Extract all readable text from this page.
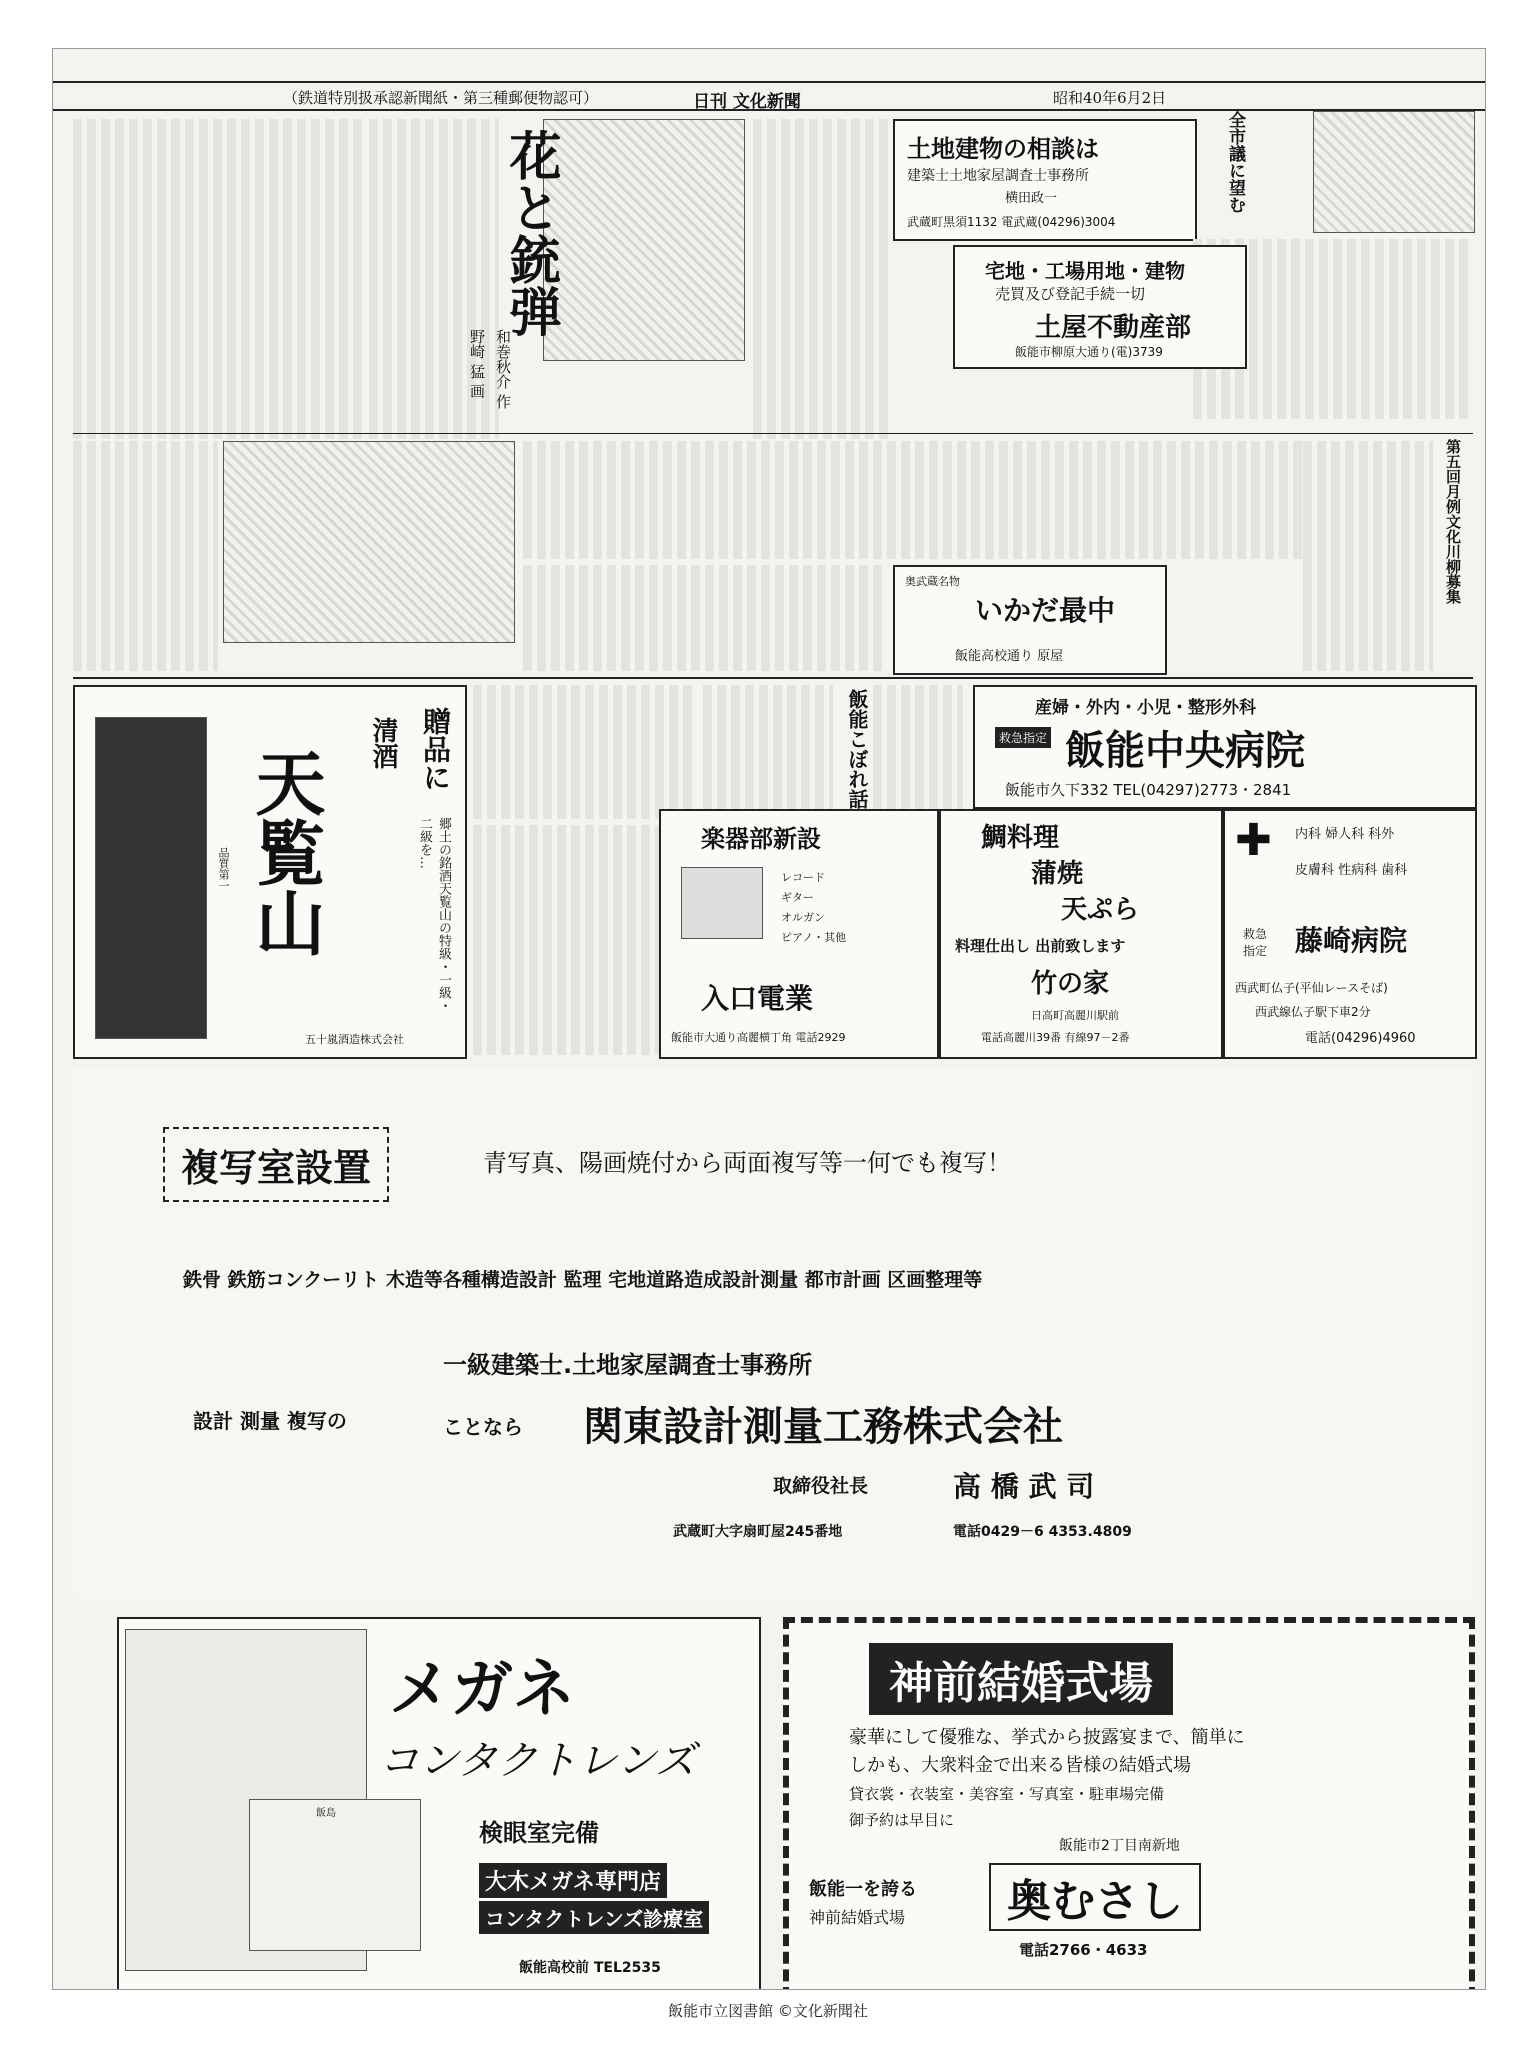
（鉄道特別扱承認新聞紙・第三種郵便物認可）	日刊 文化新聞	昭和40年6月2日
花と銃弾
和巻秋介 作
野崎 猛 画
土地建物の相談は
建築士土地家屋調査士事務所
横田政一
武蔵町黒須1132 電武蔵(04296)3004
全市議に望む
宅地・工場用地・建物
売買及び登記手続一切
土屋不動産部
飯能市柳原大通り(電)3739
第五回月例文化川柳募集
奥武蔵名物
いかだ最中
飯能高校通り 原屋
贈品に
清酒
天覧山	郷土の銘酒天覧山の特級・一級・二級を…
品質第一
五十嵐酒造株式会社
飯能こぼれ話	産婦・外内・小児・整形外科
救急指定 飯能中央病院
飯能市久下332 TEL(04297)2773・2841
楽器部新設
レコード
ギター
オルガン
ピアノ・其他
入口電業
飯能市大通り高麗横丁角 電話2929
鯛料理
蒲焼
天ぷら
料理仕出し 出前致します
竹の家
日高町高麗川駅前
電話高麗川39番 有線97－2番
✚ 内科 婦人科 科外
皮膚科 性病科 歯科
救急指定 藤崎病院
西武町仏子(平仙レースそば)
西武線仏子駅下車2分
電話(04296)4960
複写室設置	青写真、陽画焼付から両面複写等一何でも複写！
鉄骨 鉄筋コンクーリト 木造等各種構造設計 監理 宅地道路造成設計測量 都市計画 区画整理等
一級建築士.土地家屋調査士事務所
設計 測量 複写の	ことなら 関東設計測量工務株式会社
取締役社長	高 橋 武 司
武蔵町大字扇町屋245番地	電話0429－6 4353.4809
メガネ
コンタクトレンズ
検眼室完備
飯島
大木メガネ専門店
コンタクトレンズ診療室
飯能高校前 TEL2535
神前結婚式場
豪華にして優雅な、挙式から披露宴まで、簡単に
しかも、大衆料金で出来る皆様の結婚式場
貸衣裳・衣装室・美容室・写真室・駐車場完備
御予約は早目に
飯能市2丁目南新地
飯能一を誇る
神前結婚式場	奥むさし
電話2766・4633
飯能市立図書館 ©文化新聞社
